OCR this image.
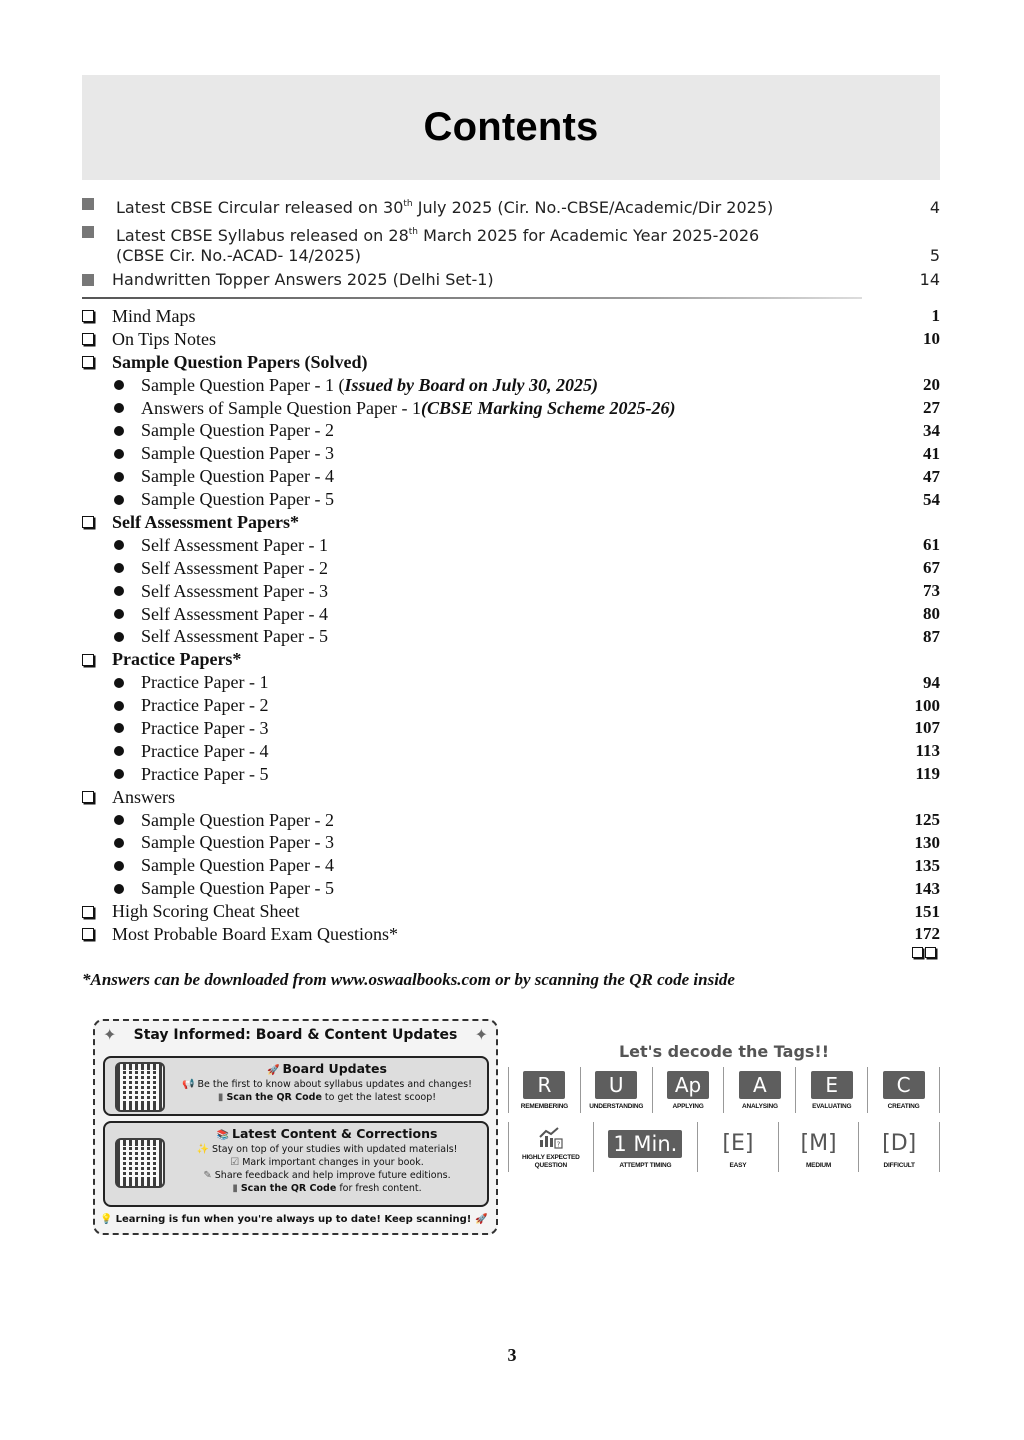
Contents
Latest CBSE Circular released on 30th July 2025 (Cir. No.-CBSE/Academic/Dir 2025)	4
Latest CBSE Syllabus released on 28th March 2025 for Academic Year 2025-2026
(CBSE Cir. No.-ACAD- 14/2025)	5
Handwritten Topper Answers 2025 (Delhi Set-1)	14
Mind Maps	1
On Tips Notes	10
Sample Question Papers (Solved)
Sample Question Paper - 1 ( Issued by Board on July 30, 2025)	20
Answers of Sample Question Paper - 1 (CBSE Marking Scheme 2025-26)	27
Sample Question Paper - 2	34
Sample Question Paper - 3	41
Sample Question Paper - 4	47
Sample Question Paper - 5	54
Self Assessment Papers*
Self Assessment Paper - 1	61
Self Assessment Paper - 2	67
Self Assessment Paper - 3	73
Self Assessment Paper - 4	80
Self Assessment Paper - 5	87
Practice Papers*
Practice Paper - 1	94
Practice Paper - 2	100
Practice Paper - 3	107
Practice Paper - 4	113
Practice Paper - 5	119
Answers
Sample Question Paper - 2	125
Sample Question Paper - 3	130
Sample Question Paper - 4	135
Sample Question Paper - 5	143
High Scoring Cheat Sheet	151
Most Probable Board Exam Questions*	172
*Answers can be downloaded from www.oswaalbooks.com or by scanning the QR code inside
✦	Stay Informed: Board & Content Updates	✦
🚀 Board Updates
📢 Be the first to know about syllabus updates and changes!
▮ Scan the QR Code to get the latest scoop!
📚 Latest Content & Corrections
✨ Stay on top of your studies with updated materials!
☑ Mark important changes in your book.
✎ Share feedback and help improve future editions.
▮ Scan the QR Code for fresh content.
💡 Learning is fun when you're always up to date! Keep scanning! 🚀
Let's decode the Tags!!
R
REMEMBERING
U
UNDERSTANDING
Ap
APPLYING
A
ANALYSING
E
EVALUATING
C
CREATING
?
HIGHLY EXPECTED QUESTION
1 Min.
ATTEMPT TIMING
[E]
EASY
[M]
MEDIUM
[D]
DIFFICULT
3
